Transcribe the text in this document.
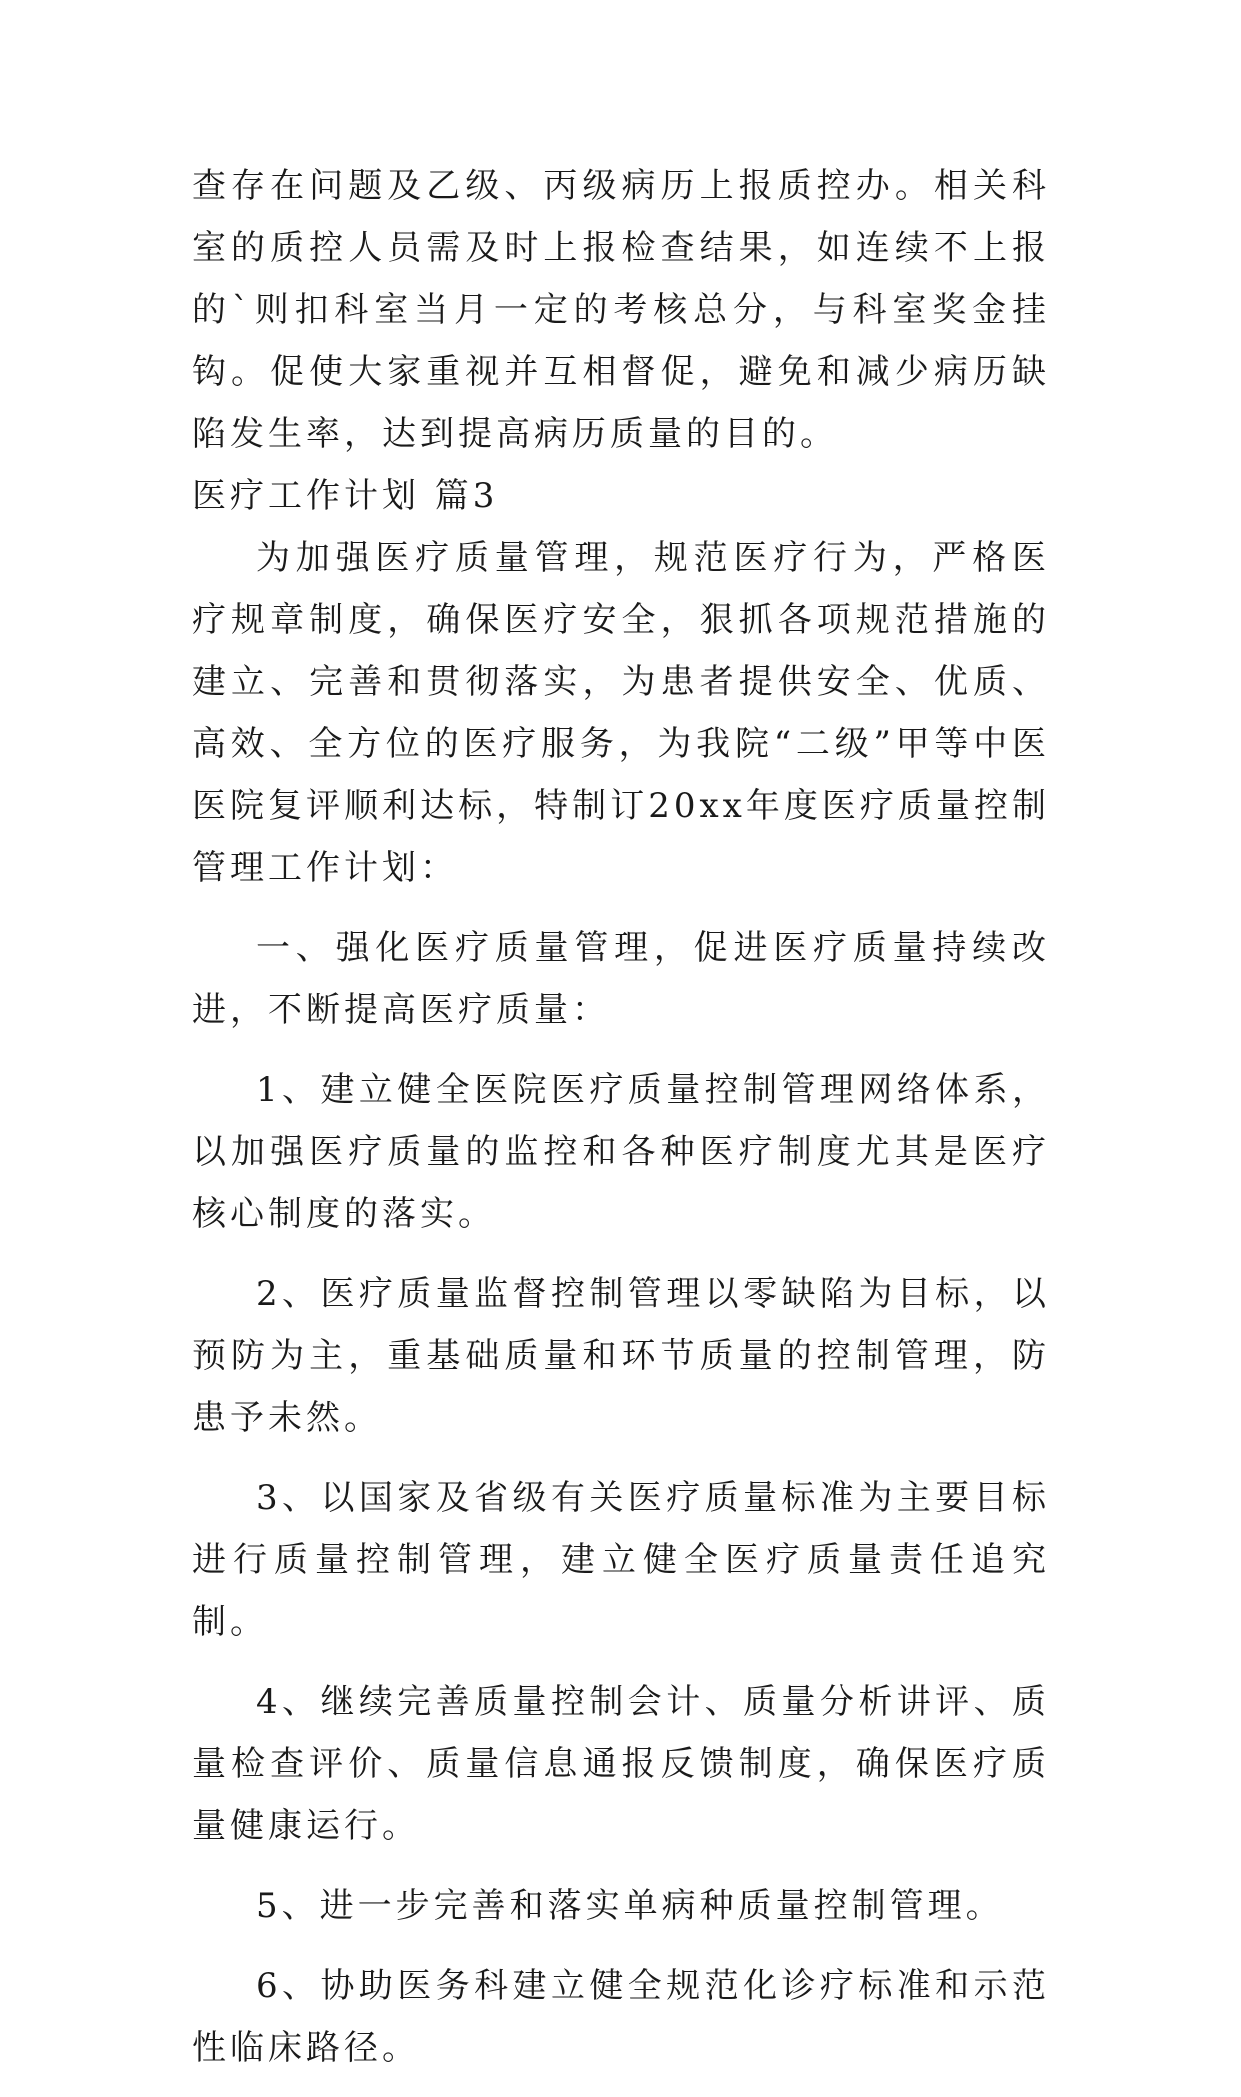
查存在问题及乙级、丙级病历上报质控办。相关科室的质控人员需及时上报检查结果，如连续不上报的`则扣科室当月一定的考核总分，与科室奖金挂钩。促使大家重视并互相督促，避免和减少病历缺陷发生率，达到提高病历质量的目的。

医疗工作计划 篇3

为加强医疗质量管理，规范医疗行为，严格医疗规章制度，确保医疗安全，狠抓各项规范措施的建立、完善和贯彻落实，为患者提供安全、优质、高效、全方位的医疗服务，为我院“二级”甲等中医医院复评顺利达标，特制订20xx年度医疗质量控制管理工作计划：

一、强化医疗质量管理，促进医疗质量持续改进，不断提高医疗质量：

1、建立健全医院医疗质量控制管理网络体系，以加强医疗质量的监控和各种医疗制度尤其是医疗核心制度的落实。

2、医疗质量监督控制管理以零缺陷为目标，以预防为主，重基础质量和环节质量的控制管理，防患予未然。

3、以国家及省级有关医疗质量标准为主要目标进行质量控制管理，建立健全医疗质量责任追究制。

4、继续完善质量控制会计、质量分析讲评、质量检查评价、质量信息通报反馈制度，确保医疗质量健康运行。

5、进一步完善和落实单病种质量控制管理。

6、协助医务科建立健全规范化诊疗标准和示范性临床路径。
